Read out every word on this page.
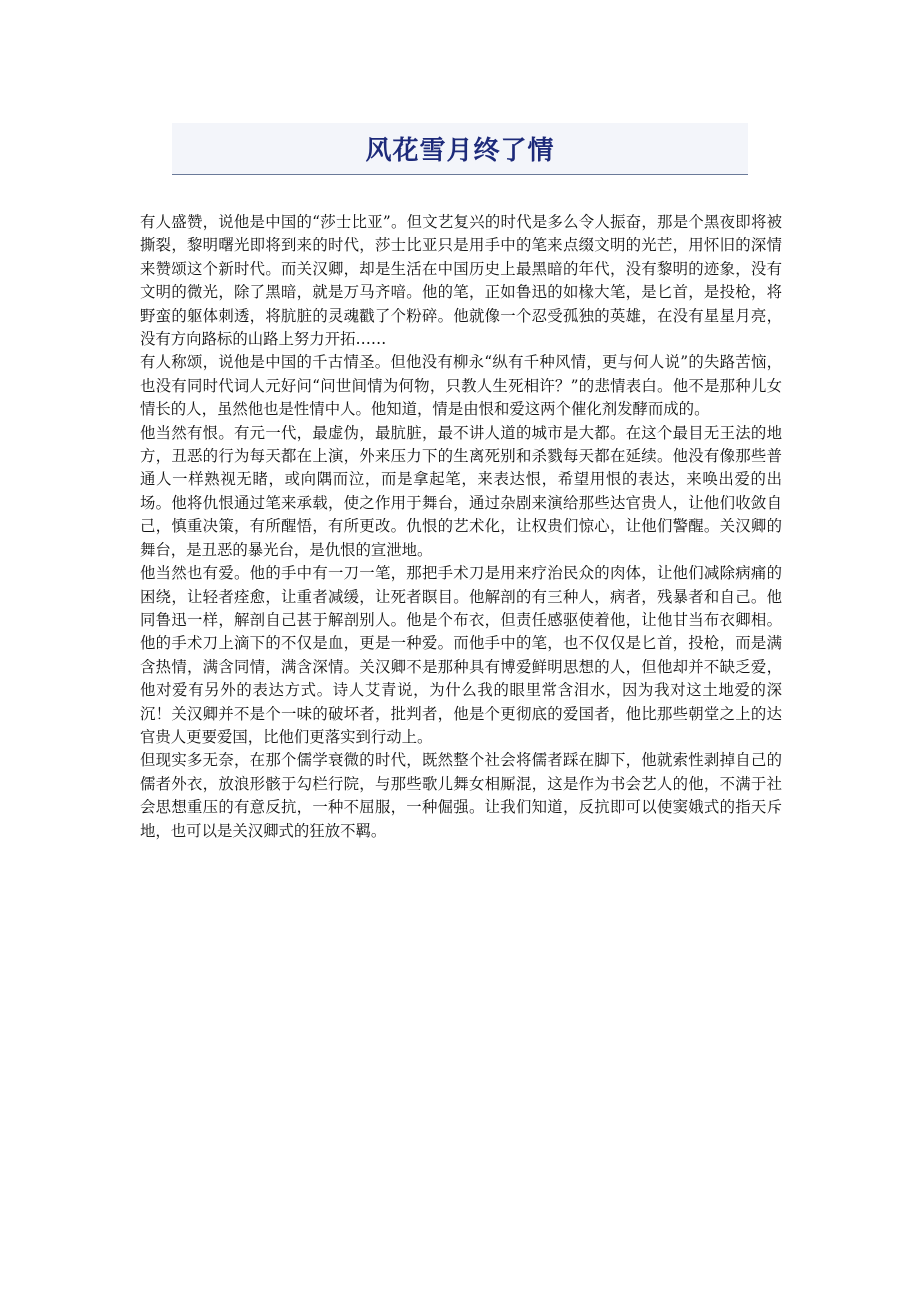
风花雪月终了情

有人盛赞，说他是中国的“莎士比亚”。但文艺复兴的时代是多么令人振奋，那是个黑夜即将被撕裂，黎明曙光即将到来的时代，莎士比亚只是用手中的笔来点缀文明的光芒，用怀旧的深情来赞颂这个新时代。而关汉卿，却是生活在中国历史上最黑暗的年代，没有黎明的迹象，没有文明的微光，除了黑暗，就是万马齐喑。他的笔，正如鲁迅的如椽大笔，是匕首，是投枪，将野蛮的躯体刺透，将肮脏的灵魂戳了个粉碎。他就像一个忍受孤独的英雄，在没有星星月亮，没有方向路标的山路上努力开拓……

有人称颂，说他是中国的千古情圣。但他没有柳永“纵有千种风情，更与何人说”的失路苦恼，也没有同时代词人元好问“问世间情为何物，只教人生死相许？”的悲情表白。他不是那种儿女情长的人，虽然他也是性情中人。他知道，情是由恨和爱这两个催化剂发酵而成的。

他当然有恨。有元一代，最虚伪，最肮脏，最不讲人道的城市是大都。在这个最目无王法的地方，丑恶的行为每天都在上演，外来压力下的生离死别和杀戮每天都在延续。他没有像那些普通人一样熟视无睹，或向隅而泣，而是拿起笔，来表达恨，希望用恨的表达，来唤出爱的出场。他将仇恨通过笔来承载，使之作用于舞台，通过杂剧来演给那些达官贵人，让他们收敛自己，慎重决策，有所醒悟，有所更改。仇恨的艺术化，让权贵们惊心，让他们警醒。关汉卿的舞台，是丑恶的暴光台，是仇恨的宣泄地。

他当然也有爱。他的手中有一刀一笔，那把手术刀是用来疗治民众的肉体，让他们减除病痛的困绕，让轻者痊愈，让重者减缓，让死者瞑目。他解剖的有三种人，病者，残暴者和自己。他同鲁迅一样，解剖自己甚于解剖别人。他是个布衣，但责任感驱使着他，让他甘当布衣卿相。他的手术刀上滴下的不仅是血，更是一种爱。而他手中的笔，也不仅仅是匕首，投枪，而是满含热情，满含同情，满含深情。关汉卿不是那种具有博爱鲜明思想的人，但他却并不缺乏爱，他对爱有另外的表达方式。诗人艾青说，为什么我的眼里常含泪水，因为我对这土地爱的深沉！关汉卿并不是个一味的破坏者，批判者，他是个更彻底的爱国者，他比那些朝堂之上的达官贵人更要爱国，比他们更落实到行动上。

但现实多无奈，在那个儒学衰微的时代，既然整个社会将儒者踩在脚下，他就索性剥掉自己的儒者外衣，放浪形骸于勾栏行院，与那些歌儿舞女相厮混，这是作为书会艺人的他，不满于社会思想重压的有意反抗，一种不屈服，一种倔强。让我们知道，反抗即可以使窦娥式的指天斥地，也可以是关汉卿式的狂放不羁。
